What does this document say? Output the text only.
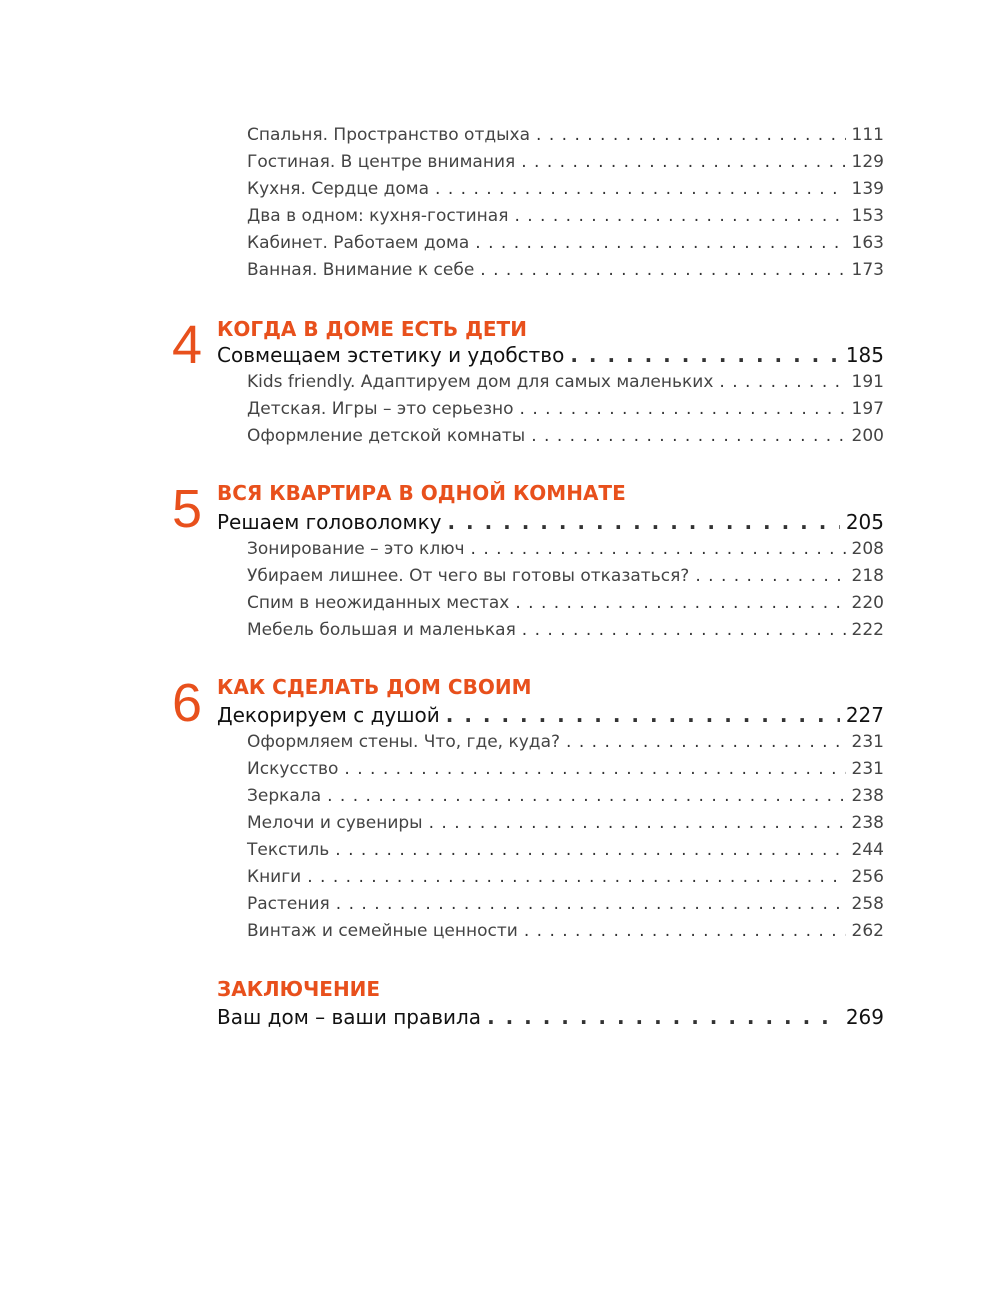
Спальня. Пространство отдыха . . .	111
Гостиная. В центре внимания . . .	129
Кухня. Сердце дома . . .	139
Два в одном: кухня-гостиная . . .	153
Кабинет. Работаем дома . . .	163
Ванная. Внимание к себе . . .	173
4 КОГДА В ДОМЕ ЕСТЬ ДЕТИ
Совмещаем эстетику и удобство . . .	185
Kids friendly. Адаптируем дом для самых маленьких . . .	191
Детская. Игры – это серьезно . . .	197
Оформление детской комнаты . . .	200
5 ВСЯ КВАРТИРА В ОДНОЙ КОМНАТЕ
Решаем головоломку . . .	205
Зонирование – это ключ . . .	208
Убираем лишнее. От чего вы готовы отказаться? . . .	218
Спим в неожиданных местах . . .	220
Мебель большая и маленькая . . .	222
6 КАК СДЕЛАТЬ ДОМ СВОИМ
Декорируем с душой . . .	227
Оформляем стены. Что, где, куда? . . .	231
Искусство . . .	231
Зеркала . . .	238
Мелочи и сувениры . . .	238
Текстиль . . .	244
Книги . . .	256
Растения . . .	258
Винтаж и семейные ценности . . .	262
ЗАКЛЮЧЕНИЕ
Ваш дом – ваши правила . . .	269
